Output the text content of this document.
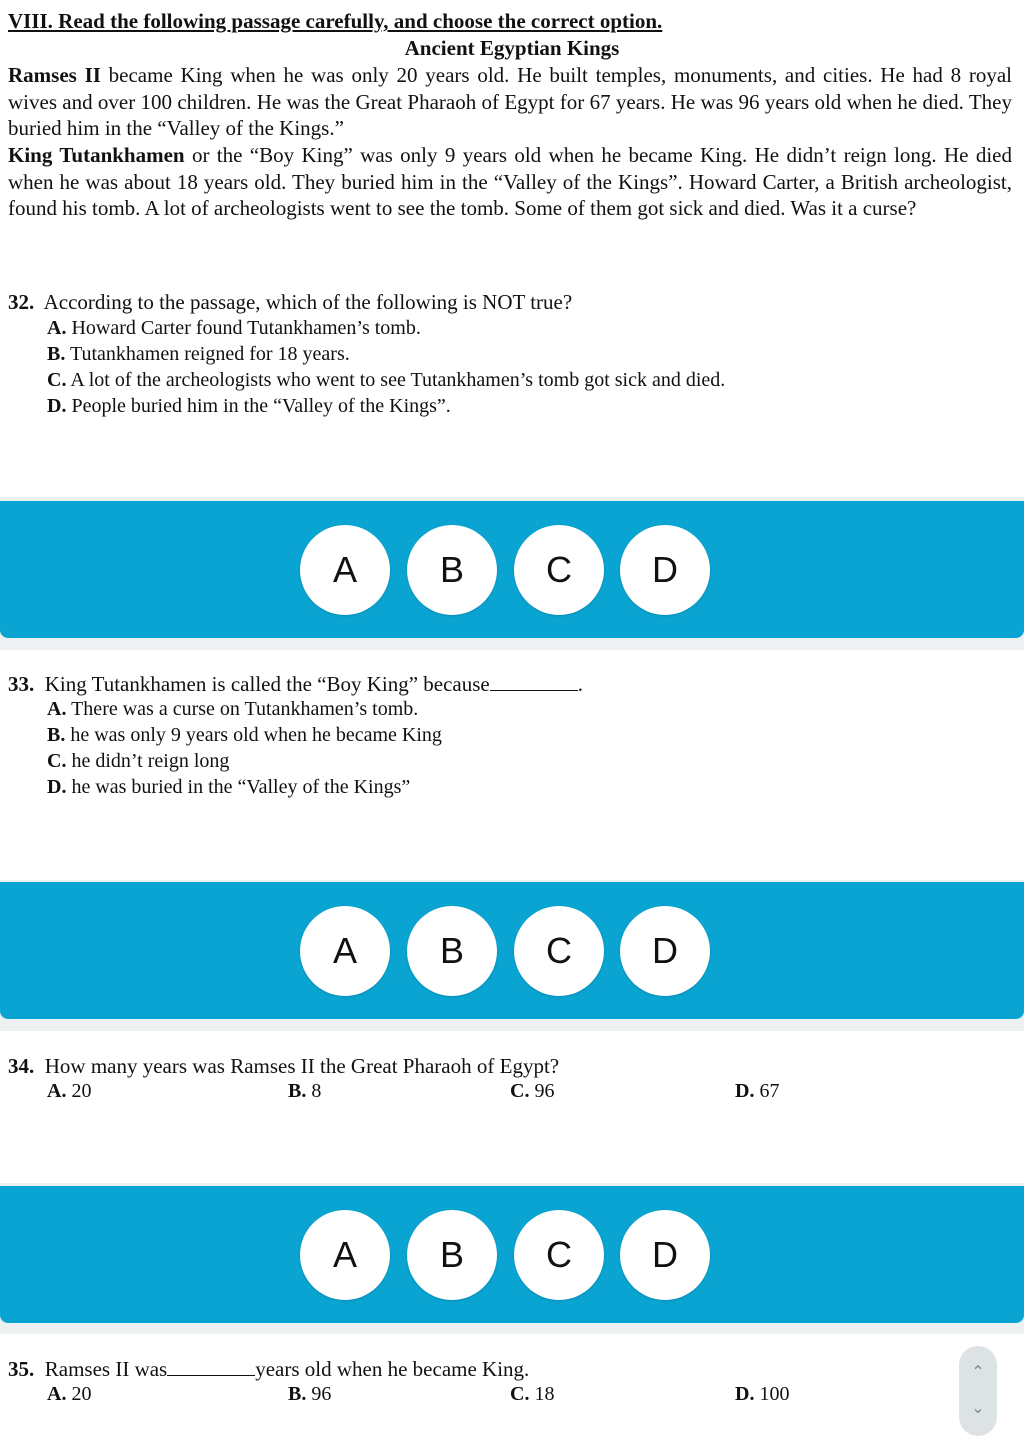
VIII. Read the following passage carefully, and choose the correct option.
Ancient Egyptian Kings
Ramses II became King when he was only 20 years old. He built temples, monuments, and cities. He had 8 royal wives and over 100 children. He was the Great Pharaoh of Egypt for 67 years. He was 96 years old when he died. They buried him in the “Valley of the Kings.”
King Tutankhamen or the “Boy King” was only 9 years old when he became King. He didn’t reign long. He died when he was about 18 years old. They buried him in the “Valley of the Kings”. Howard Carter, a British archeologist, found his tomb. A lot of archeologists went to see the tomb. Some of them got sick and died. Was it a curse?
32. According to the passage, which of the following is NOT true?
A. Howard Carter found Tutankhamen’s tomb.
B. Tutankhamen reigned for 18 years.
C. A lot of the archeologists who went to see Tutankhamen’s tomb got sick and died.
D. People buried him in the “Valley of the Kings”.
A	B	C	D
33. King Tutankhamen is called the “Boy King” because	.
A. There was a curse on Tutankhamen’s tomb.
B. he was only 9 years old when he became King
C. he didn’t reign long
D. he was buried in the “Valley of the Kings”
A	B	C	D
34. How many years was Ramses II the Great Pharaoh of Egypt?
A. 20	B. 8	C. 96	D. 67
A	B	C	D
35. Ramses II was	years old when he became King.
A. 20	B. 96	C. 18	D. 100
⌃
⌄
